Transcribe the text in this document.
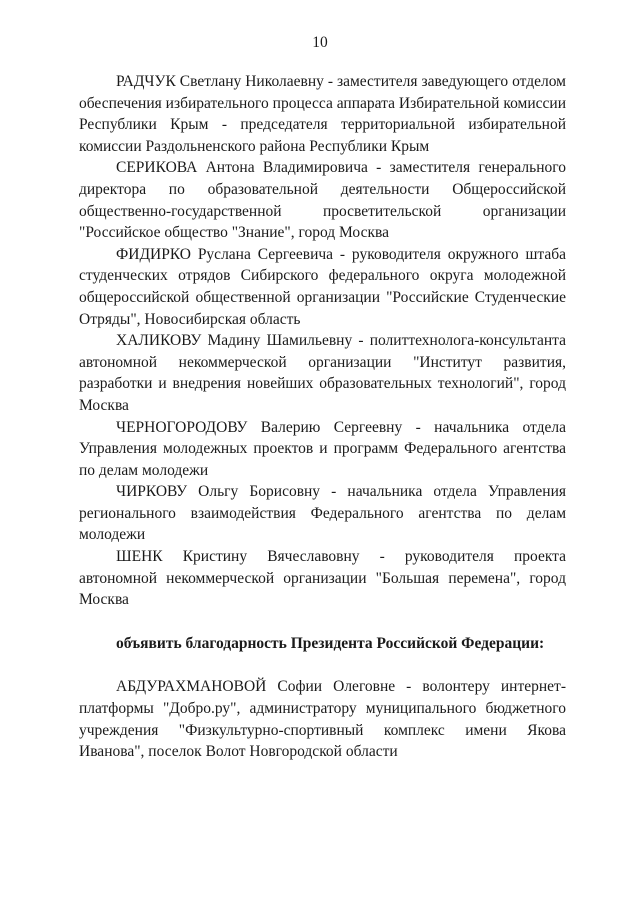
10

РАДЧУК Светлану Николаевну - заместителя заведующего отделом обеспечения избирательного процесса аппарата Избирательной комиссии Республики Крым - председателя территориальной избирательной комиссии Раздольненского района Республики Крым

СЕРИКОВА Антона Владимировича - заместителя генерального директора по образовательной деятельности Общероссийской общественно-государственной просветительской организации "Российское общество "Знание", город Москва

ФИДИРКО Руслана Сергеевича - руководителя окружного штаба студенческих отрядов Сибирского федерального округа молодежной общероссийской общественной организации "Российские Студенческие Отряды", Новосибирская область

ХАЛИКОВУ Мадину Шамильевну - политтехнолога-консультанта автономной некоммерческой организации "Институт развития, разработки и внедрения новейших образовательных технологий", город Москва

ЧЕРНОГОРОДОВУ Валерию Сергеевну - начальника отдела Управления молодежных проектов и программ Федерального агентства по делам молодежи

ЧИРКОВУ Ольгу Борисовну - начальника отдела Управления регионального взаимодействия Федерального агентства по делам молодежи

ШЕНК Кристину Вячеславовну - руководителя проекта автономной некоммерческой организации "Большая перемена", город Москва

объявить благодарность Президента Российской Федерации:

АБДУРАХМАНОВОЙ Софии Олеговне - волонтеру интернет-платформы "Добро.ру", администратору муниципального бюджетного учреждения "Физкультурно-спортивный комплекс имени Якова Иванова", поселок Волот Новгородской области
